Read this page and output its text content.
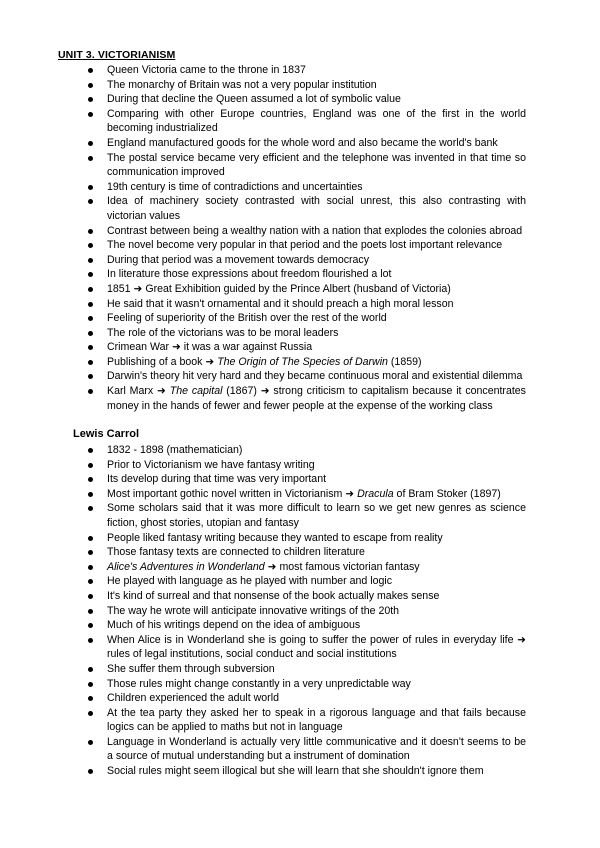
UNIT 3. VICTORIANISM
Queen Victoria came to the throne in 1837
The monarchy of Britain was not a very popular institution
During that decline the Queen assumed a lot of symbolic value
Comparing with other Europe countries, England was one of the first in the world becoming industrialized
England manufactured goods for the whole word and also became the world's bank
The postal service became very efficient and the telephone was invented in that time so communication improved
19th century is time of contradictions and uncertainties
Idea of machinery society contrasted with social unrest, this also contrasting with victorian values
Contrast between being a wealthy nation with a nation that explodes the colonies abroad
The novel become very popular in that period and the poets lost important relevance
During that period was a movement towards democracy
In literature those expressions about freedom flourished a lot
1851 ➜ Great Exhibition guided by the Prince Albert (husband of Victoria)
He said that it wasn't ornamental and it should preach a high moral lesson
Feeling of superiority of the British over the rest of the world
The role of the victorians was to be moral leaders
Crimean War ➜ it was a war against Russia
Publishing of a book ➜ The Origin of The Species of Darwin (1859)
Darwin's theory hit very hard and they became continuous moral and existential dilemma
Karl Marx ➜ The capital (1867) ➜ strong criticism to capitalism because it concentrates money in the hands of fewer and fewer people at the expense of the working class
Lewis Carrol
1832 - 1898 (mathematician)
Prior to Victorianism we have fantasy writing
Its develop during that time was very important
Most important gothic novel written in Victorianism ➜ Dracula of Bram Stoker (1897)
Some scholars said that it was more difficult to learn so we get new genres as science fiction, ghost stories, utopian and fantasy
People liked fantasy writing because they wanted to escape from reality
Those fantasy texts are connected to children literature
Alice's Adventures in Wonderland ➜ most famous victorian fantasy
He played with language as he played with number and logic
It's kind of surreal and that nonsense of the book actually makes sense
The way he wrote will anticipate innovative writings of the 20th
Much of his writings depend on the idea of ambiguous
When Alice is in Wonderland she is going to suffer the power of rules in everyday life ➜ rules of legal institutions, social conduct and social institutions
She suffer them through subversion
Those rules might change constantly in a very unpredictable way
Children experienced the adult world
At the tea party they asked her to speak in a rigorous language and that fails because logics can be applied to maths but not in language
Language in Wonderland is actually very little communicative and it doesn't seems to be a source of mutual understanding but a instrument of domination
Social rules might seem illogical but she will learn that she shouldn't ignore them
